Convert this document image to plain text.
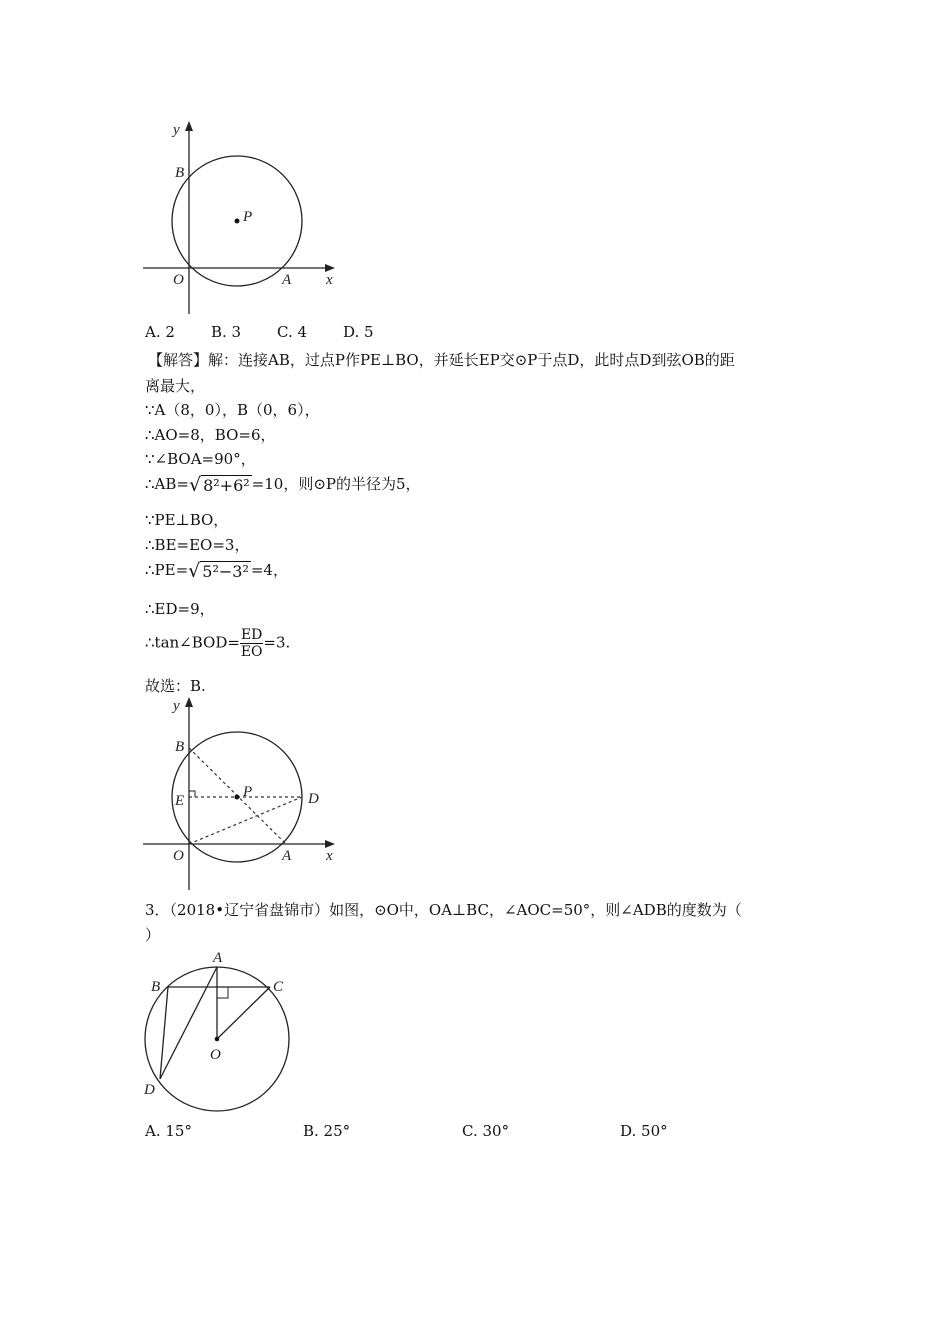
y
B
P
O	A x
A. 2 B. 3 C. 4 D. 5
【解答】解：连接AB，过点P作PE⊥BO，并延长EP交⊙P于点D，此时点D到弦OB的距
离最大，
∵A（8，0），B（0，6），
∴AO=8，BO=6，
∵∠BOA=90°，
∴AB=√ 8²+6² =10，则⊙P的半径为5，
∵PE⊥BO，
∴BE=EO=3，
∴PE=√ 5²−3² =4，
∴ED=9，
∴tan∠BOD= $\frac{ED}{EO} =3$.
故选：B.
y
B
E
P	D
O	A x
3．（2018•辽宁省盘锦市）如图，⊙O中，OA⊥BC，∠AOC=50°，则∠ADB的度数为（
）
A
B	C
O
D
A. 15°	B. 25°	C. 30°	D. 50°
